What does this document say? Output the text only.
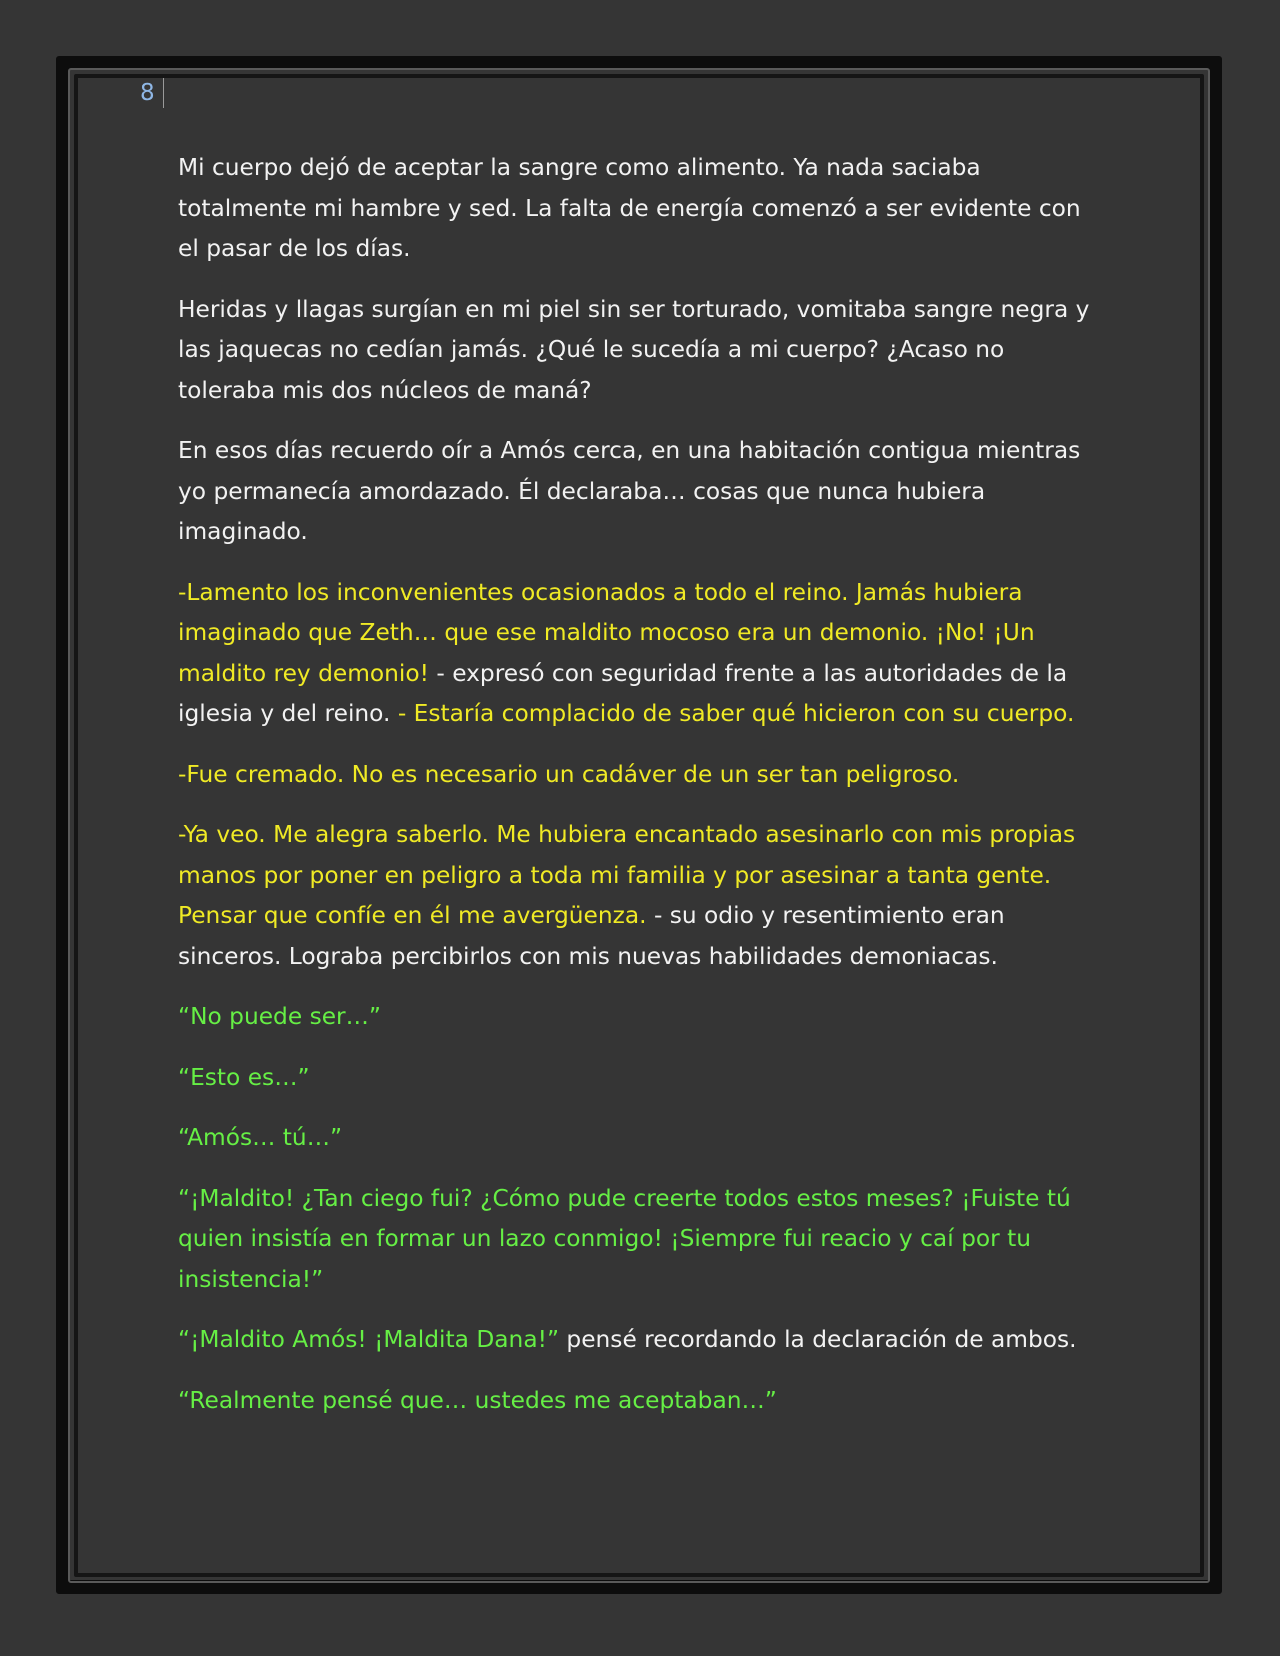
8

Mi cuerpo dejó de aceptar la sangre como alimento. Ya nada saciaba totalmente mi hambre y sed. La falta de energía comenzó a ser evidente con el pasar de los días.

Heridas y llagas surgían en mi piel sin ser torturado, vomitaba sangre negra y las jaquecas no cedían jamás. ¿Qué le sucedía a mi cuerpo? ¿Acaso no toleraba mis dos núcleos de maná?

En esos días recuerdo oír a Amós cerca, en una habitación contigua mientras yo permanecía amordazado. Él declaraba… cosas que nunca hubiera imaginado.

-Lamento los inconvenientes ocasionados a todo el reino. Jamás hubiera imaginado que Zeth… que ese maldito mocoso era un demonio. ¡No! ¡Un maldito rey demonio! - expresó con seguridad frente a las autoridades de la iglesia y del reino. - Estaría complacido de saber qué hicieron con su cuerpo.

-Fue cremado. No es necesario un cadáver de un ser tan peligroso.

-Ya veo. Me alegra saberlo. Me hubiera encantado asesinarlo con mis propias manos por poner en peligro a toda mi familia y por asesinar a tanta gente. Pensar que confíe en él me avergüenza. - su odio y resentimiento eran sinceros. Lograba percibirlos con mis nuevas habilidades demoniacas.

“No puede ser…”

“Esto es…”

“Amós… tú…”

“¡Maldito! ¿Tan ciego fui? ¿Cómo pude creerte todos estos meses? ¡Fuiste tú quien insistía en formar un lazo conmigo! ¡Siempre fui reacio y caí por tu insistencia!”

“¡Maldito Amós! ¡Maldita Dana!” pensé recordando la declaración de ambos.

“Realmente pensé que… ustedes me aceptaban…”
